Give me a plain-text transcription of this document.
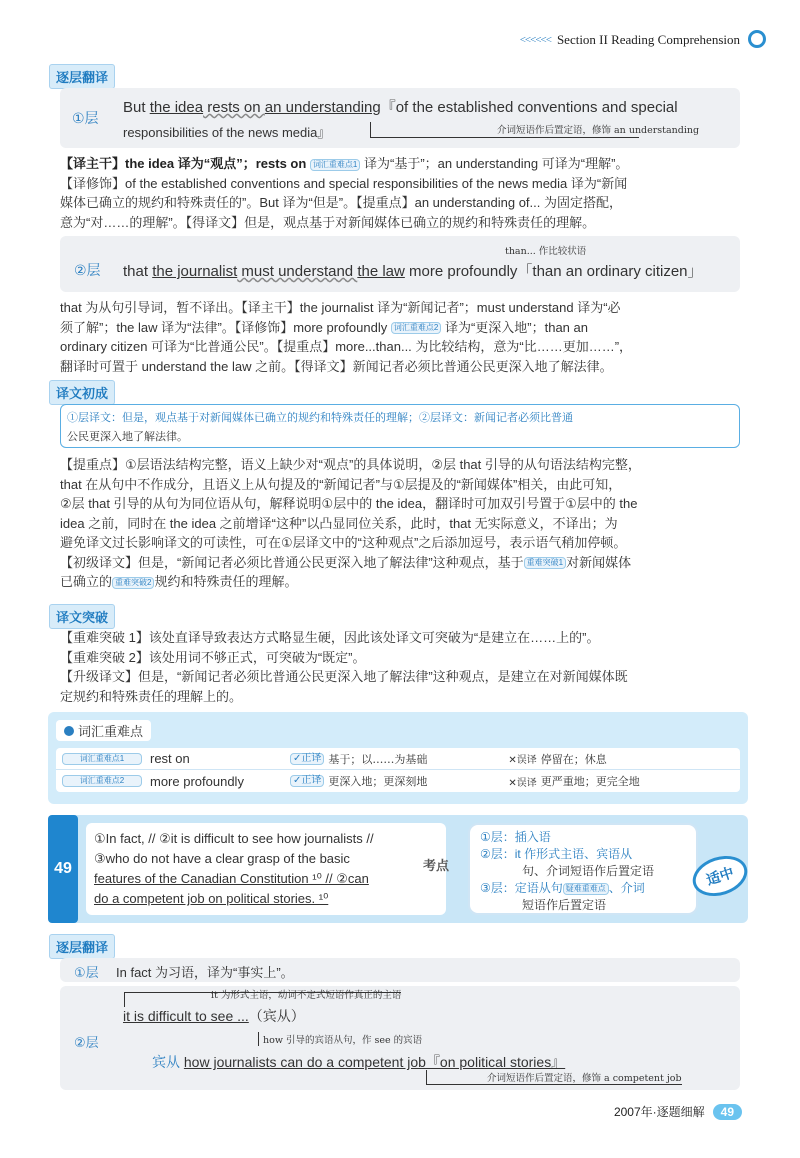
<<<<<< Section II Reading Comprehension
逐层翻译
①层
But the idea rests on an understanding『of the established conventions and special
responsibilities of the news media』	介词短语作后置定语，修饰 an understanding
【译主干】the idea 译为“观点”；rests on 词汇重难点1 译为“基于”；an understanding 可译为“理解”。
【译修饰】of the established conventions and special responsibilities of the news media 译为“新闻
媒体已确立的规约和特殊责任的”。But 译为“但是”。【提重点】an understanding of... 为固定搭配，
意为“对……的理解”。【得译文】但是，观点基于对新闻媒体已确立的规约和特殊责任的理解。
②层
than... 作比较状语
that the journalist must understand the law more profoundly「than an ordinary citizen」
that 为从句引导词，暂不译出。【译主干】the journalist 译为“新闻记者”；must understand 译为“必
须了解”；the law 译为“法律”。【译修饰】more profoundly 词汇重难点2 译为“更深入地”；than an
ordinary citizen 可译为“比普通公民”。【提重点】more...than... 为比较结构，意为“比……更加……”，
翻译时可置于 understand the law 之前。【得译文】新闻记者必须比普通公民更深入地了解法律。
译文初成
①层译文：但是，观点基于对新闻媒体已确立的规约和特殊责任的理解；②层译文：新闻记者必须比普通
公民更深入地了解法律。
【提重点】①层语法结构完整，语义上缺少对“观点”的具体说明，②层 that 引导的从句语法结构完整，
that 在从句中不作成分，且语义上从句提及的“新闻记者”与①层提及的“新闻媒体”相关，由此可知，
②层 that 引导的从句为同位语从句，解释说明①层中的 the idea，翻译时可加双引号置于①层中的 the
idea 之前，同时在 the idea 之前增译“这种”以凸显同位关系，此时，that 无实际意义，不译出；为
避免译文过长影响译文的可读性，可在①层译文中的“这种观点”之后添加逗号，表示语气稍加停顿。
【初级译文】但是，“新闻记者必须比普通公民更深入地了解法律”这种观点，基于 重难突破1 对新闻媒体
已确立的 重难突破2 规约和特殊责任的理解。
译文突破
【重难突破 1】该处直译导致表达方式略显生硬，因此该处译文可突破为“是建立在……上的”。
【重难突破 2】该处用词不够正式，可突破为“既定”。
【升级译文】但是，“新闻记者必须比普通公民更深入地了解法律”这种观点，是建立在对新闻媒体既
定规约和特殊责任的理解上的。
词汇重难点
词汇重难点1	rest on	✓正译 基于；以……为基础	✕误译 停留在；休息
词汇重难点2	more profoundly	✓正译 更深入地；更深刻地	✕误译 更严重地；更完全地
49
①In fact, // ②it is difficult to see how journalists //
③who do not have a clear grasp of the basic
features of the Canadian Constitution ¹⁰ // ②can
do a competent job on political stories. ¹⁰
考点
①层：插入语
②层：it 作形式主语、宾语从
句、介词短语作后置定语
③层：定语从句 疑难重难点 、介词
短语作后置定语
适中
逐层翻译
①层 In fact 为习语，译为“事实上”。
②层
it 为形式主语，动词不定式短语作真正的主语
it is difficult to see ...（宾从）
how 引导的宾语从句，作 see 的宾语
宾从 how journalists can do a competent job『on political stories』
介词短语作后置定语，修饰 a competent job
2007年·逐题细解	49
